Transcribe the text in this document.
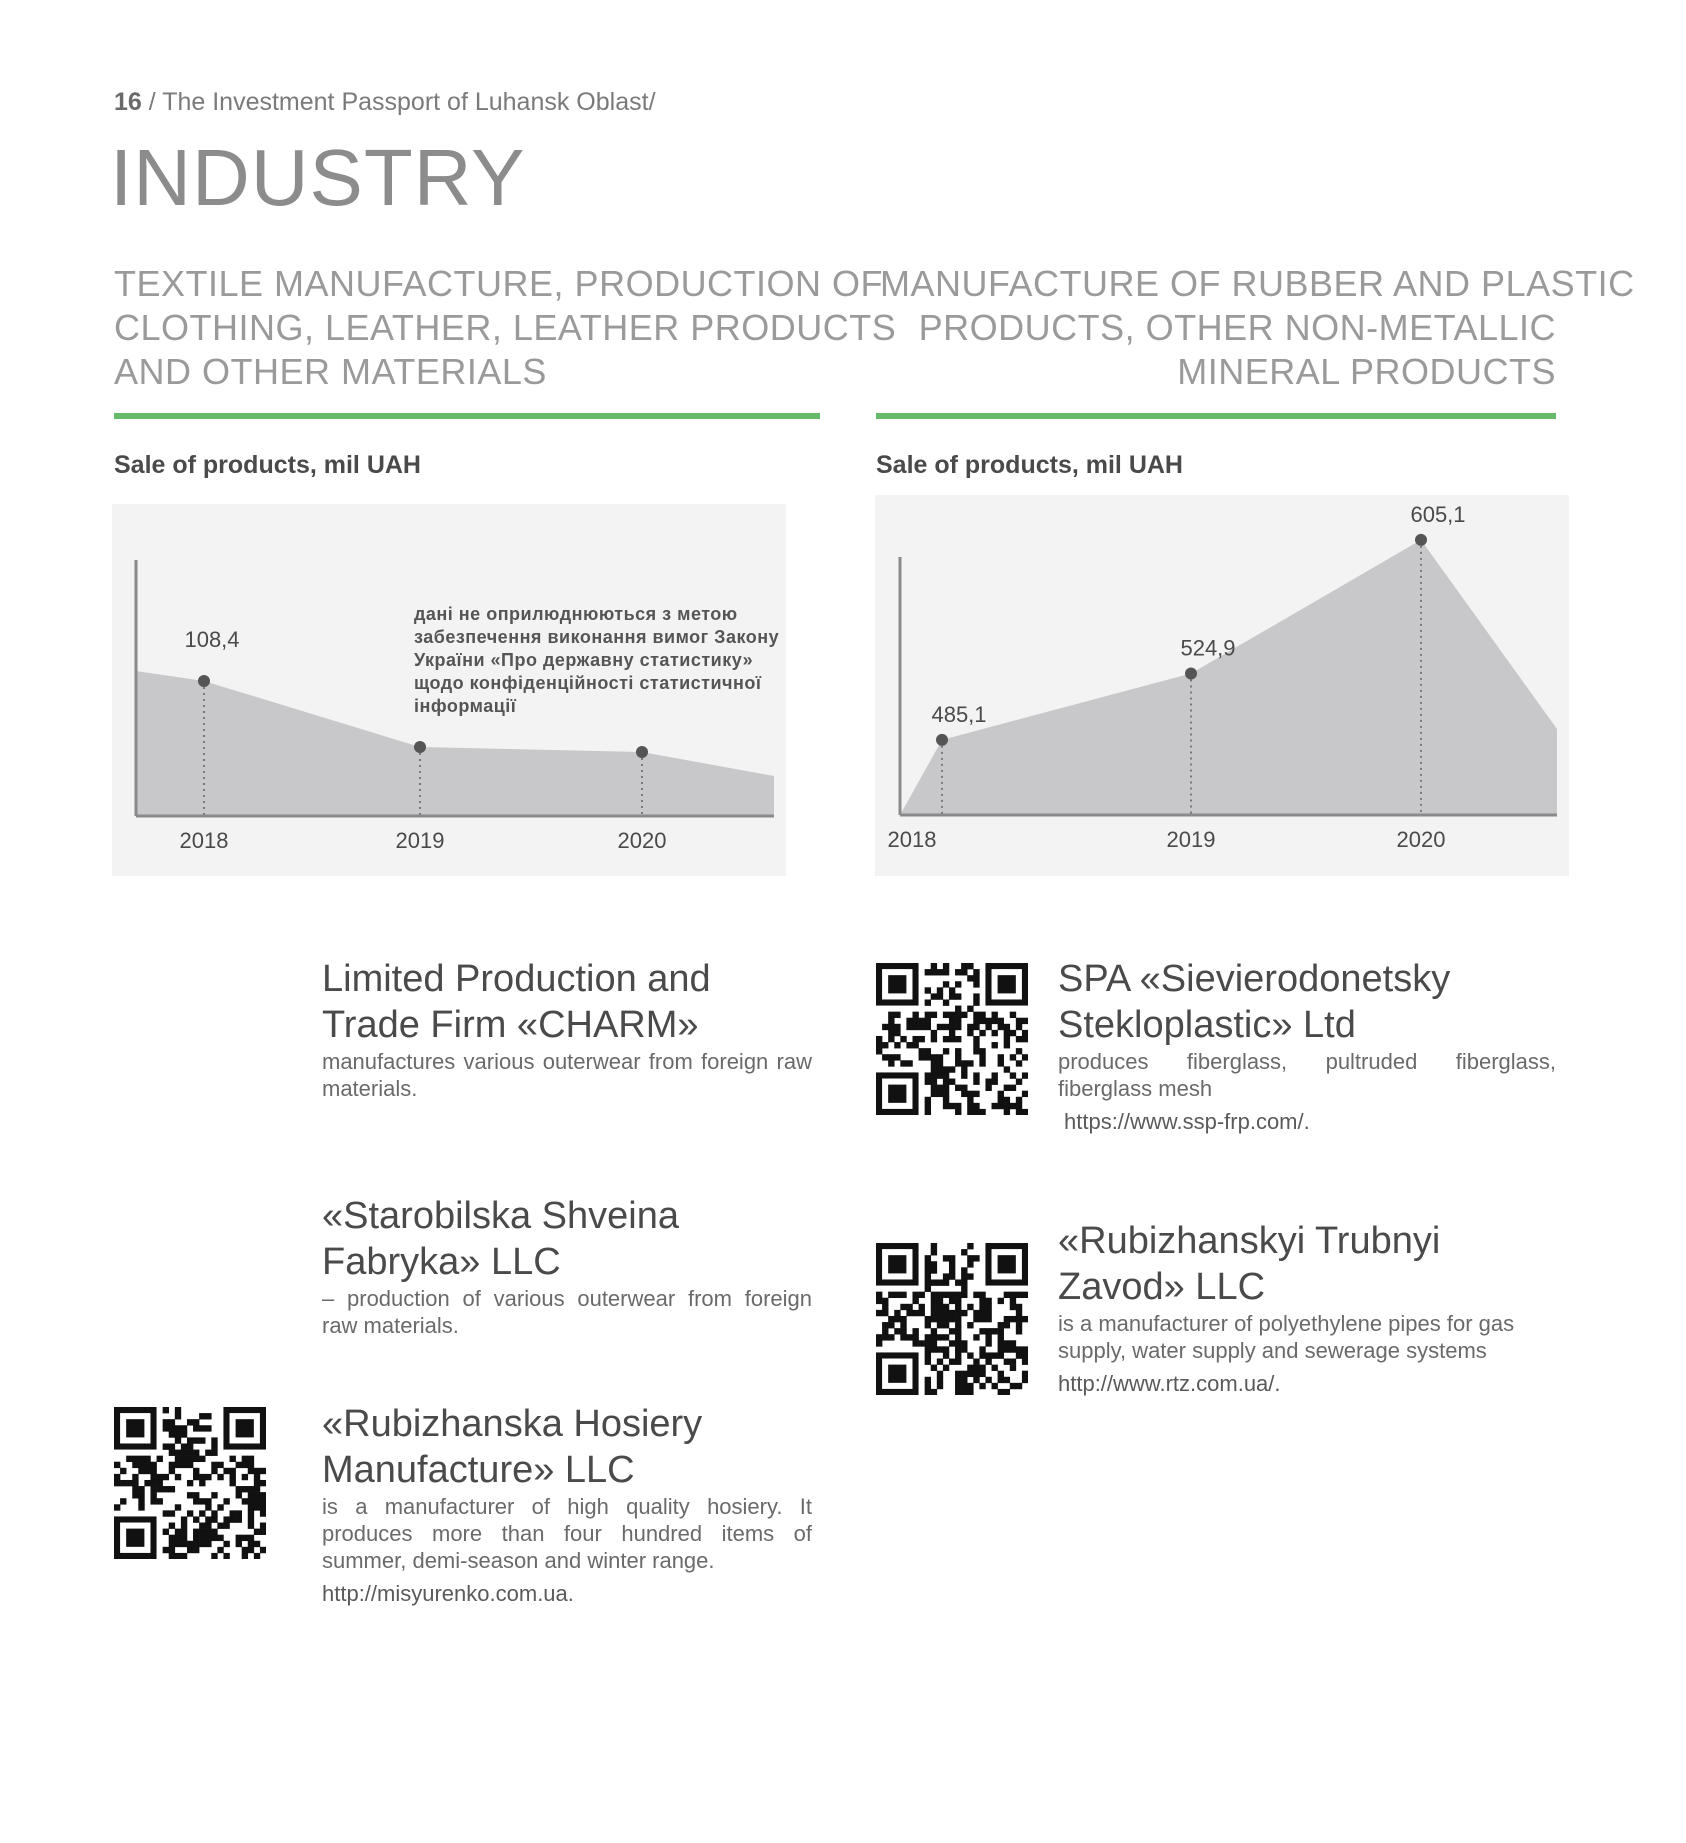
16 / The Investment Passport of Luhansk Oblast/
INDUSTRY
TEXTILE MANUFACTURE, PRODUCTION OF
CLOTHING, LEATHER, LEATHER PRODUCTS
AND OTHER MATERIALS
MANUFACTURE OF RUBBER AND PLASTIC
PRODUCTS, OTHER NON-METALLIC
MINERAL PRODUCTS
Sale of products, mil UAH	Sale of products, mil UAH
2018
108,4
2019	2020
дані не оприлюднюються з метою забезпечення виконання вимог Закону України «Про державну статистику» щодо конфіденційності статистичної інформації
2018
485,1
2019
524,9
2020
605,1
Limited Production and
Trade Firm «CHARM»
manufactures various outerwear from foreign raw materials.
«Starobilska Shveina
Fabryka» LLC
– production of various outerwear from foreign raw materials.
«Rubizhanska Hosiery
Manufacture» LLC
is a manufacturer of high quality hosiery. It produces more than four hundred items of summer, demi-season and winter range.
http://misyurenko.com.ua.
SPA «Sievierodonetsky
Stekloplastic» Ltd
produces fiberglass, pultruded fiberglass, fiberglass mesh
https://www.ssp-frp.com/.
«Rubizhanskyi Trubnyi
Zavod» LLC
is a manufacturer of polyethylene pipes for gas supply, water supply and sewerage systems
http://www.rtz.com.ua/.
